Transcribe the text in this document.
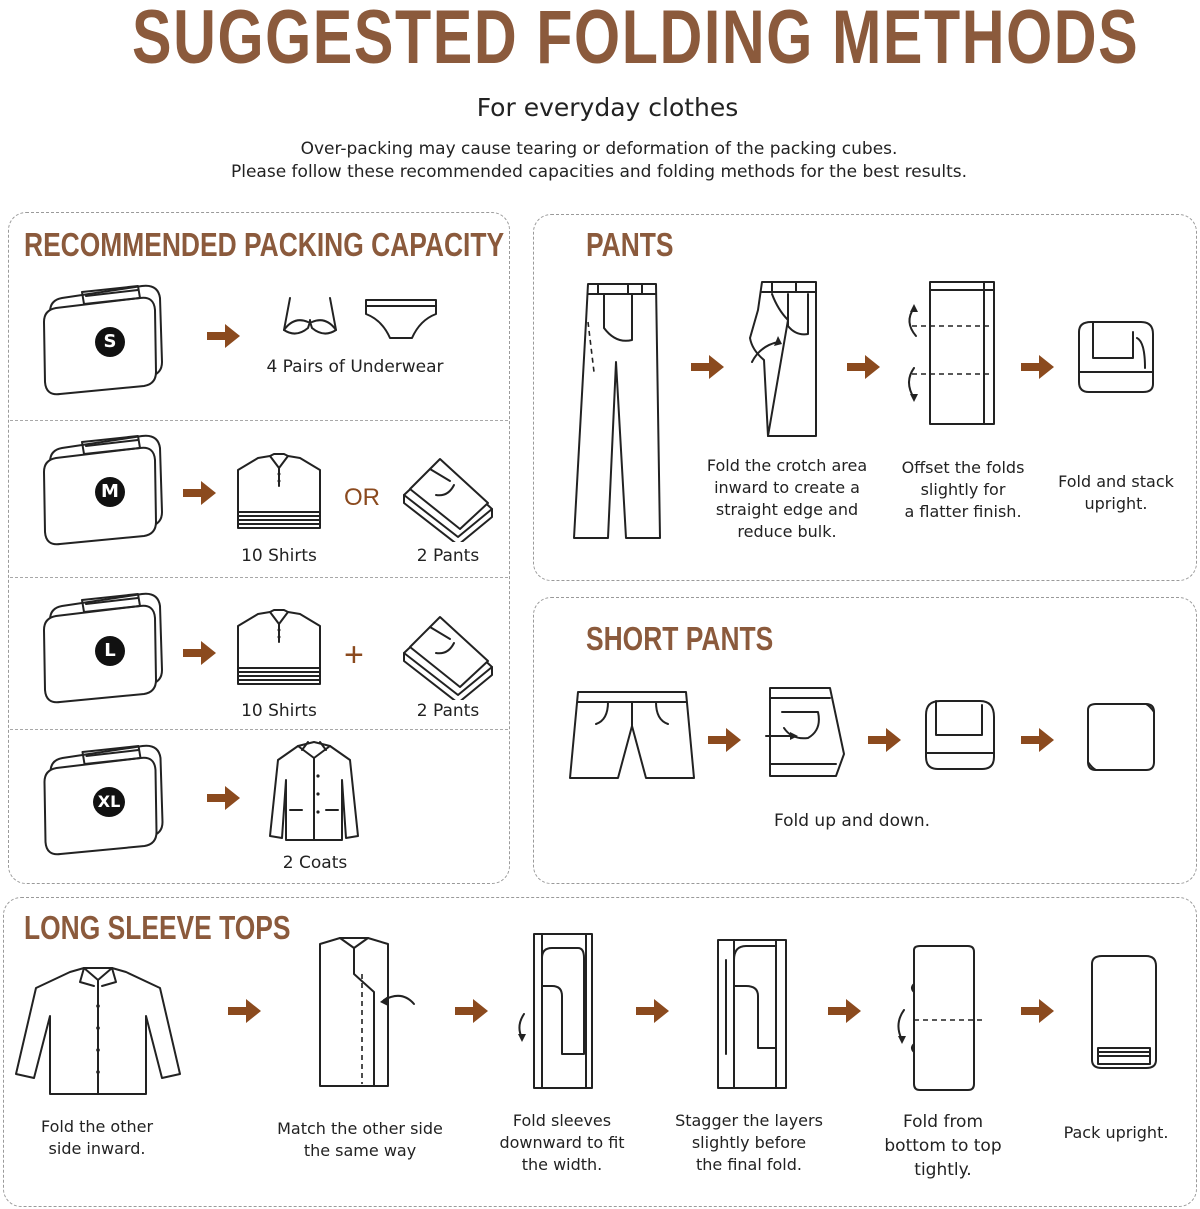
SUGGESTED FOLDING METHODS
For everyday clothes
Over-packing may cause tearing or deformation of the packing cubes.
Please follow these recommended capacities and folding methods for the best results.
RECOMMENDED PACKING CAPACITY
S
4 Pairs of Underwear
M	OR
10 Shirts	2 Pants
L	+
10 Shirts	2 Pants
XL
2 Coats
PANTS
Fold the crotch area
inward to create a
straight edge and
reduce bulk.
Offset the folds
slightly for
a flatter finish.
Fold and stack
upright.
SHORT PANTS
Fold up and down.
LONG SLEEVE TOPS
Fold the other
side inward.
Match the other side
the same way
Fold sleeves
downward to fit
the width.
Stagger the layers
slightly before
the final fold.
Fold from
bottom to top
tightly.
Pack upright.
